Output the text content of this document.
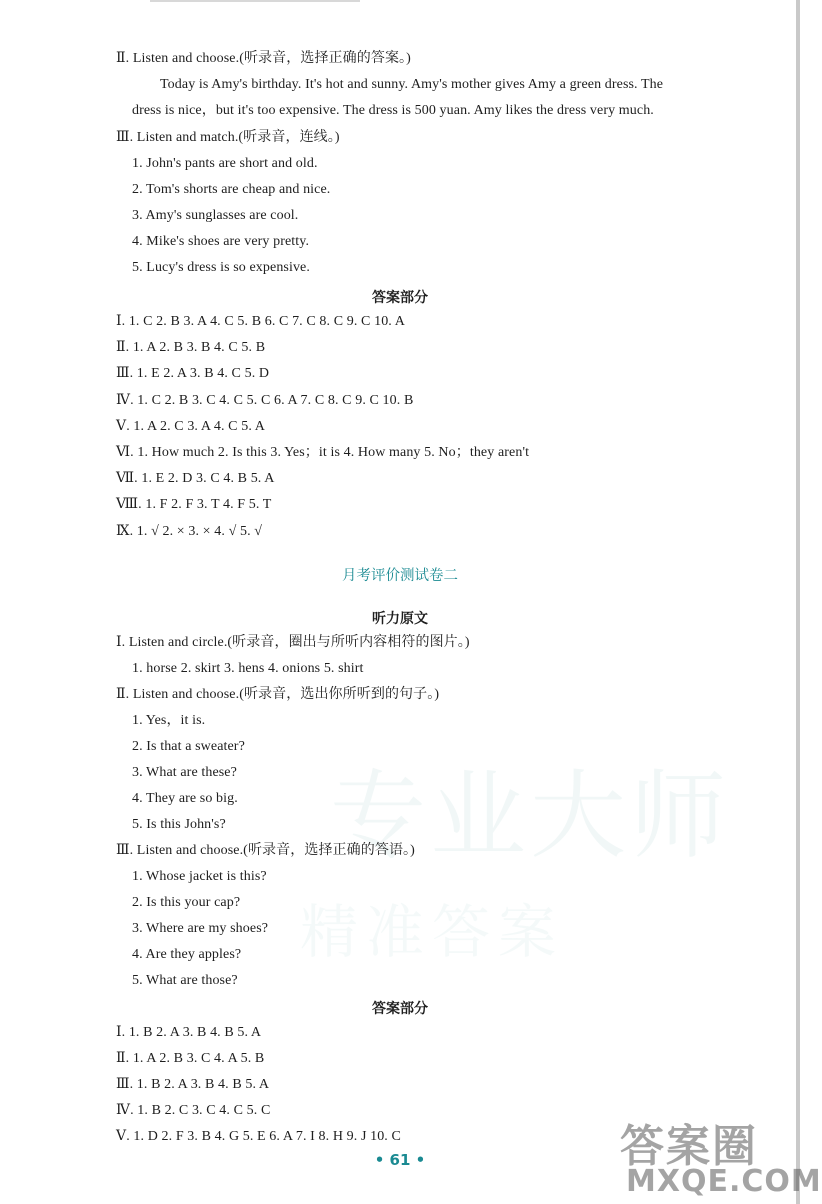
专业大师
精准答案
Ⅱ. Listen and choose.(听录音，选择正确的答案。)
Today is Amy's birthday. It's hot and sunny. Amy's mother gives Amy a green dress. The
dress is nice，but it's too expensive. The dress is 500 yuan. Amy likes the dress very much.
Ⅲ. Listen and match.(听录音，连线。)
1. John's pants are short and old.
2. Tom's shorts are cheap and nice.
3. Amy's sunglasses are cool.
4. Mike's shoes are very pretty.
5. Lucy's dress is so expensive.
答案部分
Ⅰ. 1. C 2. B 3. A 4. C 5. B 6. C 7. C 8. C 9. C 10. A
Ⅱ. 1. A 2. B 3. B 4. C 5. B
Ⅲ. 1. E 2. A 3. B 4. C 5. D
Ⅳ. 1. C 2. B 3. C 4. C 5. C 6. A 7. C 8. C 9. C 10. B
Ⅴ. 1. A 2. C 3. A 4. C 5. A
Ⅵ. 1. How much 2. Is this 3. Yes；it is 4. How many 5. No；they aren't
Ⅶ. 1. E 2. D 3. C 4. B 5. A
Ⅷ. 1. F 2. F 3. T 4. F 5. T
Ⅸ. 1. √ 2. × 3. × 4. √ 5. √
月考评价测试卷二
听力原文
Ⅰ. Listen and circle.(听录音，圈出与所听内容相符的图片。)
1. horse 2. skirt 3. hens 4. onions 5. shirt
Ⅱ. Listen and choose.(听录音，选出你所听到的句子。)
1. Yes，it is.
2. Is that a sweater?
3. What are these?
4. They are so big.
5. Is this John's?
Ⅲ. Listen and choose.(听录音，选择正确的答语。)
1. Whose jacket is this?
2. Is this your cap?
3. Where are my shoes?
4. Are they apples?
5. What are those?
答案部分
Ⅰ. 1. B 2. A 3. B 4. B 5. A
Ⅱ. 1. A 2. B 3. C 4. A 5. B
Ⅲ. 1. B 2. A 3. B 4. B 5. A
Ⅳ. 1. B 2. C 3. C 4. C 5. C
Ⅴ. 1. D 2. F 3. B 4. G 5. E 6. A 7. I 8. H 9. J 10. C
• 61 •	答案圈
MXQE.COM
